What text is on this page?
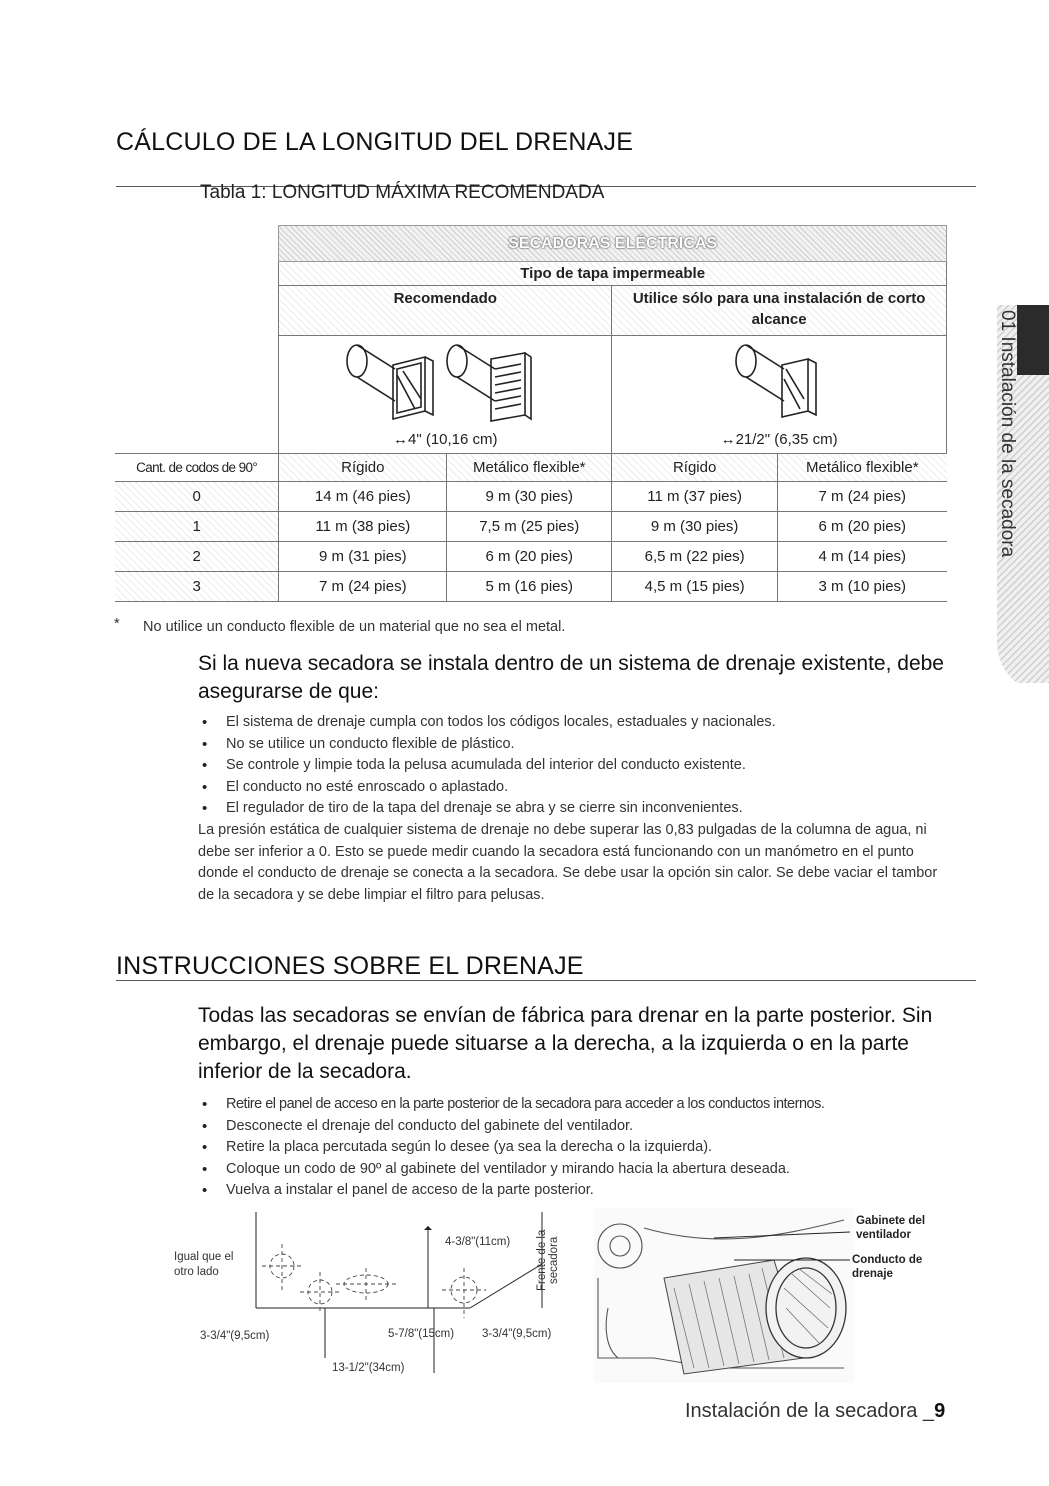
CÁLCULO DE LA LONGITUD DEL DRENAJE
Tabla 1: LONGITUD MÁXIMA RECOMENDADA
	SECADORAS ELÉCTRICAS			
	Tipo de tapa impermeable			
	Recomendado		Utilice sólo para una instalación de corto alcance	

	↔4" (10,16 cm)		↔21/2" (6,35 cm)	

Cant. de codos de 90°	Rígido	Metálico flexible*	Rígido	Metálico flexible*
0	14 m (46 pies)	9 m (30 pies)	11 m (37 pies)	7 m (24 pies)
1	11 m (38 pies)	7,5 m (25 pies)	9 m (30 pies)	6 m (20 pies)
2	9 m (31 pies)	6 m (20 pies)	6,5 m (22 pies)	4 m (14 pies)
3	7 m (24 pies)	5 m (16 pies)	4,5 m (15 pies)	3 m (10 pies)
* No utilice un conducto flexible de un material que no sea el metal.
Si la nueva secadora se instala dentro de un sistema de drenaje existente, debe asegurarse de que:
• El sistema de drenaje cumpla con todos los códigos locales, estaduales y nacionales.
• No se utilice un conducto flexible de plástico.
• Se controle y limpie toda la pelusa acumulada del interior del conducto existente.
• El conducto no esté enroscado o aplastado.
• El regulador de tiro de la tapa del drenaje se abra y se cierre sin inconvenientes.
La presión estática de cualquier sistema de drenaje no debe superar las 0,83 pulgadas de la columna de agua, ni debe ser inferior a 0. Esto se puede medir cuando la secadora está funcionando con un manómetro en el punto donde el conducto de drenaje se conecta a la secadora. Se debe usar la opción sin calor. Se debe vaciar el tambor de la secadora y se debe limpiar el filtro para pelusas.
INSTRUCCIONES SOBRE EL DRENAJE
Todas las secadoras se envían de fábrica para drenar en la parte posterior. Sin embargo, el drenaje puede situarse a la derecha, a la izquierda o en la parte inferior de la secadora.
• Retire el panel de acceso en la parte posterior de la secadora para acceder a los conductos internos.
• Desconecte el drenaje del conducto del gabinete del ventilador.
• Retire la placa percutada según lo desee (ya sea la derecha o la izquierda).
• Coloque un codo de 90º al gabinete del ventilador y mirando hacia la abertura deseada.
• Vuelva a instalar el panel de acceso de la parte posterior.
Igual que el otro lado
4-3/8"(11cm) Frente de la secadora
3-3/4"(9,5cm)	5-7/8"(15cm) 3-3/4"(9,5cm)
13-1/2"(34cm)
Gabinete del ventilador
Conducto de drenaje
01 Instalación de la secadora
Instalación de la secadora _9
